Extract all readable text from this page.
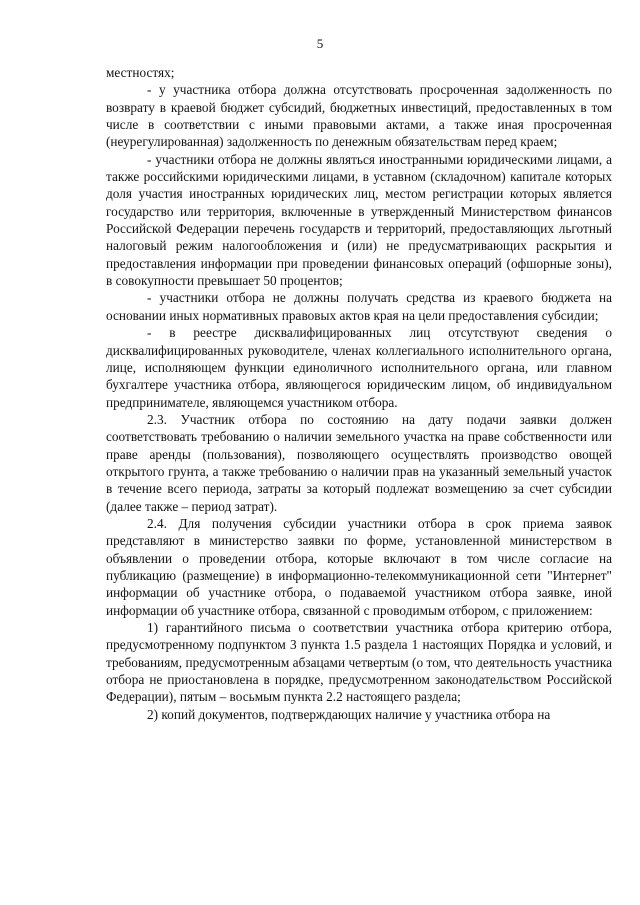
5

местностях;

- у участника отбора должна отсутствовать просроченная задолженность по возврату в краевой бюджет субсидий, бюджетных инвестиций, предоставленных в том числе в соответствии с иными правовыми актами, а также иная просроченная (неурегулированная) задолженность по денежным обязательствам перед краем;

- участники отбора не должны являться иностранными юридическими лицами, а также российскими юридическими лицами, в уставном (складочном) капитале которых доля участия иностранных юридических лиц, местом регистрации которых является государство или территория, включенные в утвержденный Министерством финансов Российской Федерации перечень государств и территорий, предоставляющих льготный налоговый режим налогообложения и (или) не предусматривающих раскрытия и предоставления информации при проведении финансовых операций (офшорные зоны), в совокупности превышает 50 процентов;

- участники отбора не должны получать средства из краевого бюджета на основании иных нормативных правовых актов края на цели предоставления субсидии;

- в реестре дисквалифицированных лиц отсутствуют сведения о дисквалифицированных руководителе, членах коллегиального исполнительного органа, лице, исполняющем функции единоличного исполнительного органа, или главном бухгалтере участника отбора, являющегося юридическим лицом, об индивидуальном предпринимателе, являющемся участником отбора.

2.3. Участник отбора по состоянию на дату подачи заявки должен соответствовать требованию о наличии земельного участка на праве собственности или праве аренды (пользования), позволяющего осуществлять производство овощей открытого грунта, а также требованию о наличии прав на указанный земельный участок в течение всего периода, затраты за который подлежат возмещению за счет субсидии (далее также – период затрат).

2.4. Для получения субсидии участники отбора в срок приема заявок представляют в министерство заявки по форме, установленной министерством в объявлении о проведении отбора, которые включают в том числе согласие на публикацию (размещение) в информационно-телекоммуникационной сети "Интернет" информации об участнике отбора, о подаваемой участником отбора заявке, иной информации об участнике отбора, связанной с проводимым отбором, с приложением:

1) гарантийного письма о соответствии участника отбора критерию отбора, предусмотренному подпунктом 3 пункта 1.5 раздела 1 настоящих Порядка и условий, и требованиям, предусмотренным абзацами четвертым (о том, что деятельность участника отбора не приостановлена в порядке, предусмотренном законодательством Российской Федерации), пятым – восьмым пункта 2.2 настоящего раздела;

2) копий документов, подтверждающих наличие у участника отбора на
